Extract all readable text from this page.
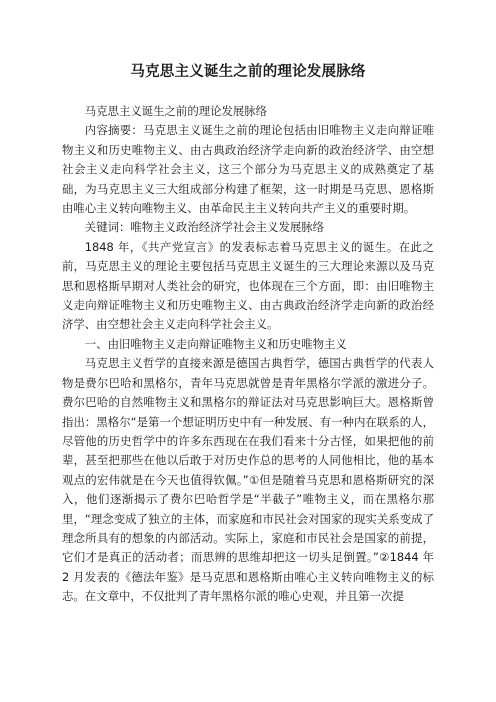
马克思主义诞生之前的理论发展脉络

马克思主义诞生之前的理论发展脉络

内容摘要：马克思主义诞生之前的理论包括由旧唯物主义走向辩证唯物主义和历史唯物主义、由古典政治经济学走向新的政治经济学、由空想社会主义走向科学社会主义，这三个部分为马克思主义的成熟奠定了基础，为马克思主义三大组成部分构建了框架，这一时期是马克思、恩格斯由唯心主义转向唯物主义、由革命民主主义转向共产主义的重要时期。

关键词：唯物主义政治经济学社会主义发展脉络

1848 年，《共产党宣言》的发表标志着马克思主义的诞生。在此之前，马克思主义的理论主要包括马克思主义诞生的三大理论来源以及马克思和恩格斯早期对人类社会的研究，也体现在三个方面，即：由旧唯物主义走向辩证唯物主义和历史唯物主义、由古典政治经济学走向新的政治经济学、由空想社会主义走向科学社会主义。

一、由旧唯物主义走向辩证唯物主义和历史唯物主义

马克思主义哲学的直接来源是德国古典哲学，德国古典哲学的代表人物是费尔巴哈和黑格尔，青年马克思就曾是青年黑格尔学派的激进分子。费尔巴哈的自然唯物主义和黑格尔的辩证法对马克思影响巨大。恩格斯曾指出：黑格尔“是第一个想证明历史中有一种发展、有一种内在联系的人，尽管他的历史哲学中的许多东西现在在我们看来十分古怪，如果把他的前辈，甚至把那些在他以后敢于对历史作总的思考的人同他相比，他的基本观点的宏伟就是在今天也值得钦佩。”①但是随着马克思和恩格斯研究的深入，他们逐渐揭示了费尔巴哈哲学是“半截子”唯物主义，而在黑格尔那里，“理念变成了独立的主体，而家庭和市民社会对国家的现实关系变成了理念所具有的想象的内部活动。实际上，家庭和市民社会是国家的前提，它们才是真正的活动者；而思辨的思维却把这一切头足倒置。”②1844 年 2 月发表的《德法年鉴》是马克思和恩格斯由唯心主义转向唯物主义的标志。在文章中，不仅批判了青年黑格尔派的唯心史观，并且第一次提
